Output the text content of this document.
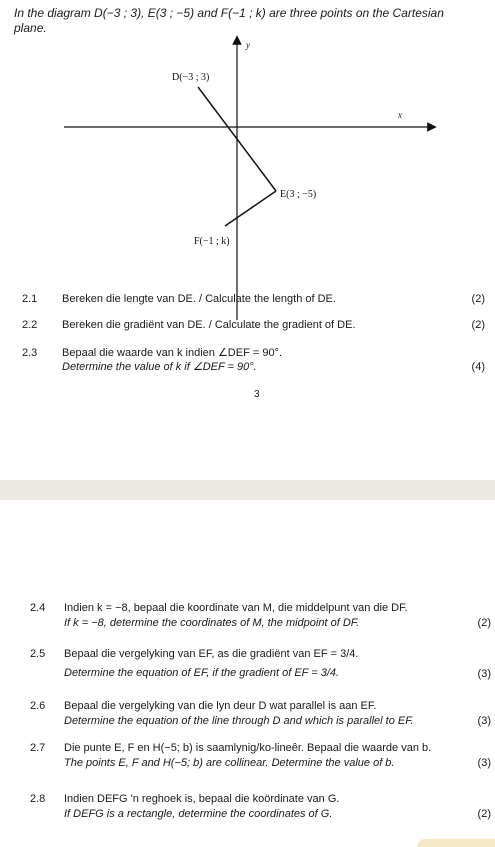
In the diagram D(−3 ; 3), E(3 ; −5) and F(−1 ; k) are three points on the Cartesian
plane.
y
x
D(−3 ; 3)
E(3 ; −5)
F(−1 ; k)
2.1 Bereken die lengte van DE. / Calculate the length of DE.	(2)
2.2 Bereken die gradiënt van DE. / Calculate the gradient of DE.	(2)
2.3 Bepaal die waarde van k indien ∠DEF = 90°.
Determine the value of k if ∠DEF = 90°.	(4)
3
2.4 Indien k = −8, bepaal die koordinate van M, die middelpunt van die DF.
If k = −8, determine the coordinates of M, the midpoint of DF.	(2)
2.5 Bepaal die vergelyking van EF, as die gradiënt van EF = 3/4.
Determine the equation of EF, if the gradient of EF = 3/4.	(3)
2.6 Bepaal die vergelyking van die lyn deur D wat parallel is aan EF.
Determine the equation of the line through D and which is parallel to EF.	(3)
2.7 Die punte E, F en H(−5; b) is saamlynig/ko-lineêr. Bepaal die waarde van b.
The points E, F and H(−5; b) are collinear. Determine the value of b.	(3)
2.8 Indien DEFG 'n reghoek is, bepaal die koördinate van G.
If DEFG is a rectangle, determine the coordinates of G.	(2)
